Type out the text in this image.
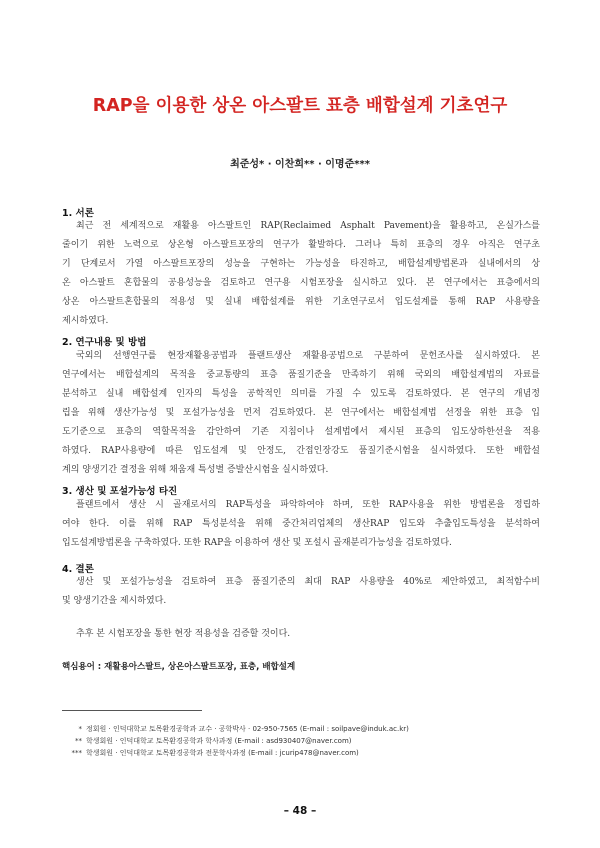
RAP을 이용한 상온 아스팔트 표층 배합설계 기초연구
최준성* · 이찬희** · 이명준***
1. 서론
최근 전 세계적으로 재활용 아스팔트인 RAP(Reclaimed Asphalt Pavement)을 활용하고, 온실가스를
줄이기 위한 노력으로 상온형 아스팔트포장의 연구가 활발하다. 그러나 특히 표층의 경우 아직은 연구초
기 단계로서 가열 아스팔트포장의 성능을 구현하는 가능성을 타진하고, 배합설계방법론과 실내에서의 상
온 아스팔트 혼합물의 공용성능을 검토하고 연구용 시험포장을 실시하고 있다. 본 연구에서는 표층에서의
상온 아스팔트혼합물의 적용성 및 실내 배합설계를 위한 기초연구로서 입도설계를 통해 RAP 사용량을
제시하였다.
2. 연구내용 및 방법
국외의 선행연구를 현장재활용공법과 플랜트생산 재활용공법으로 구분하여 문헌조사를 실시하였다. 본
연구에서는 배합설계의 목적을 중교통량의 표층 품질기준을 만족하기 위해 국외의 배합설계법의 자료를
분석하고 실내 배합설계 인자의 특성을 공학적인 의미를 가질 수 있도록 검토하였다. 본 연구의 개념정
립을 위해 생산가능성 및 포설가능성을 먼저 검토하였다. 본 연구에서는 배합설계법 선정을 위한 표층 입
도기준으로 표층의 역할목적을 감안하여 기존 지침이나 설계법에서 제시된 표층의 입도상하한선을 적용
하였다. RAP사용량에 따른 입도설계 및 안정도, 간접인장강도 품질기준시험을 실시하였다. 또한 배합설
계의 양생기간 결정을 위해 채움재 특성별 증발산시험을 실시하였다.
3. 생산 및 포설가능성 타진
플랜트에서 생산 시 골재로서의 RAP특성을 파악하여야 하며, 또한 RAP사용을 위한 방법론을 정립하
여야 한다. 이를 위해 RAP 특성분석을 위해 중간처리업체의 생산RAP 입도와 추출입도특성을 분석하여
입도설계방법론을 구축하였다. 또한 RAP을 이용하여 생산 및 포설시 골재분리가능성을 검토하였다.
4. 결론
생산 및 포설가능성을 검토하여 표층 품질기준의 최대 RAP 사용량을 40%로 제안하였고, 최적함수비
및 양생기간을 제시하였다.
추후 본 시험포장을 통한 현장 적용성을 검증할 것이다.
핵심용어 : 재활용아스팔트, 상온아스팔트포장, 표층, 배합설계
* 정회원 · 인덕대학교 토목환경공학과 교수 · 공학박사 · 02-950-7565 (E-mail : soilpave@induk.ac.kr)
** 학생회원 · 인덕대학교 토목환경공학과 학사과정 (E-mail : asd930407@naver.com)
*** 학생회원 · 인덕대학교 토목환경공학과 전문학사과정 (E-mail : jcurip478@naver.com)
– 48 –
